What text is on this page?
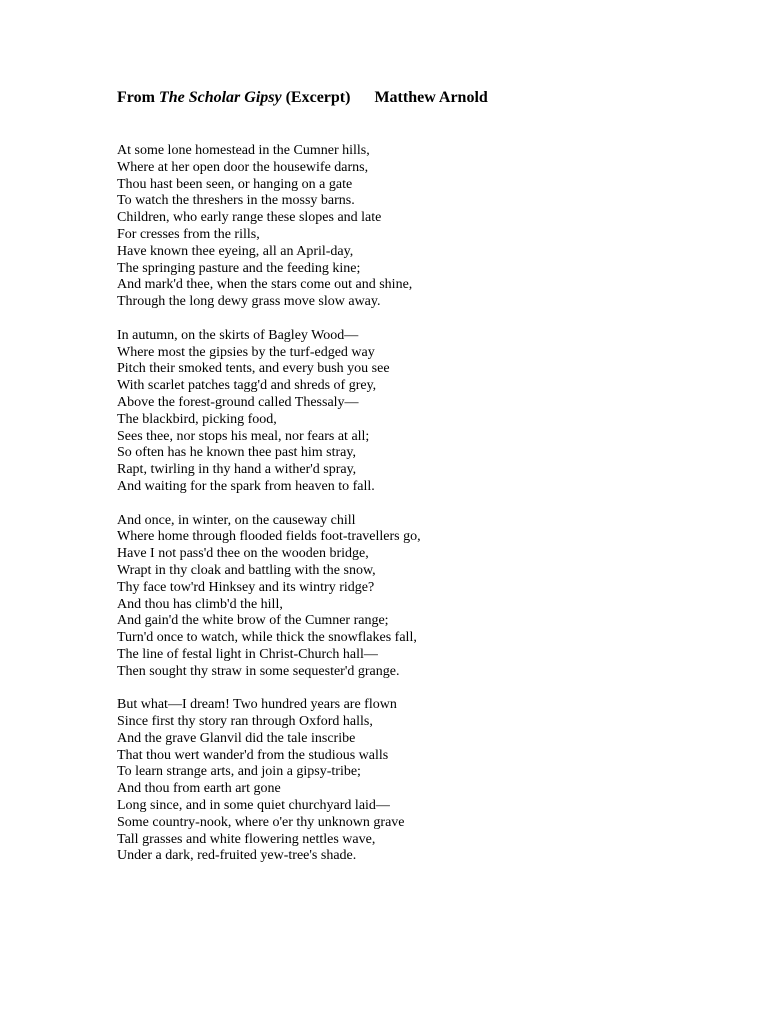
From The Scholar Gipsy (Excerpt) Matthew Arnold
At some lone homestead in the Cumner hills,
Where at her open door the housewife darns,
Thou hast been seen, or hanging on a gate
To watch the threshers in the mossy barns.
Children, who early range these slopes and late
For cresses from the rills,
Have known thee eyeing, all an April-day,
The springing pasture and the feeding kine;
And mark'd thee, when the stars come out and shine,
Through the long dewy grass move slow away.
In autumn, on the skirts of Bagley Wood—
Where most the gipsies by the turf-edged way
Pitch their smoked tents, and every bush you see
With scarlet patches tagg'd and shreds of grey,
Above the forest-ground called Thessaly—
The blackbird, picking food,
Sees thee, nor stops his meal, nor fears at all;
So often has he known thee past him stray,
Rapt, twirling in thy hand a wither'd spray,
And waiting for the spark from heaven to fall.
And once, in winter, on the causeway chill
Where home through flooded fields foot-travellers go,
Have I not pass'd thee on the wooden bridge,
Wrapt in thy cloak and battling with the snow,
Thy face tow'rd Hinksey and its wintry ridge?
And thou has climb'd the hill,
And gain'd the white brow of the Cumner range;
Turn'd once to watch, while thick the snowflakes fall,
The line of festal light in Christ-Church hall—
Then sought thy straw in some sequester'd grange.
But what—I dream! Two hundred years are flown
Since first thy story ran through Oxford halls,
And the grave Glanvil did the tale inscribe
That thou wert wander'd from the studious walls
To learn strange arts, and join a gipsy-tribe;
And thou from earth art gone
Long since, and in some quiet churchyard laid—
Some country-nook, where o'er thy unknown grave
Tall grasses and white flowering nettles wave,
Under a dark, red-fruited yew-tree's shade.
